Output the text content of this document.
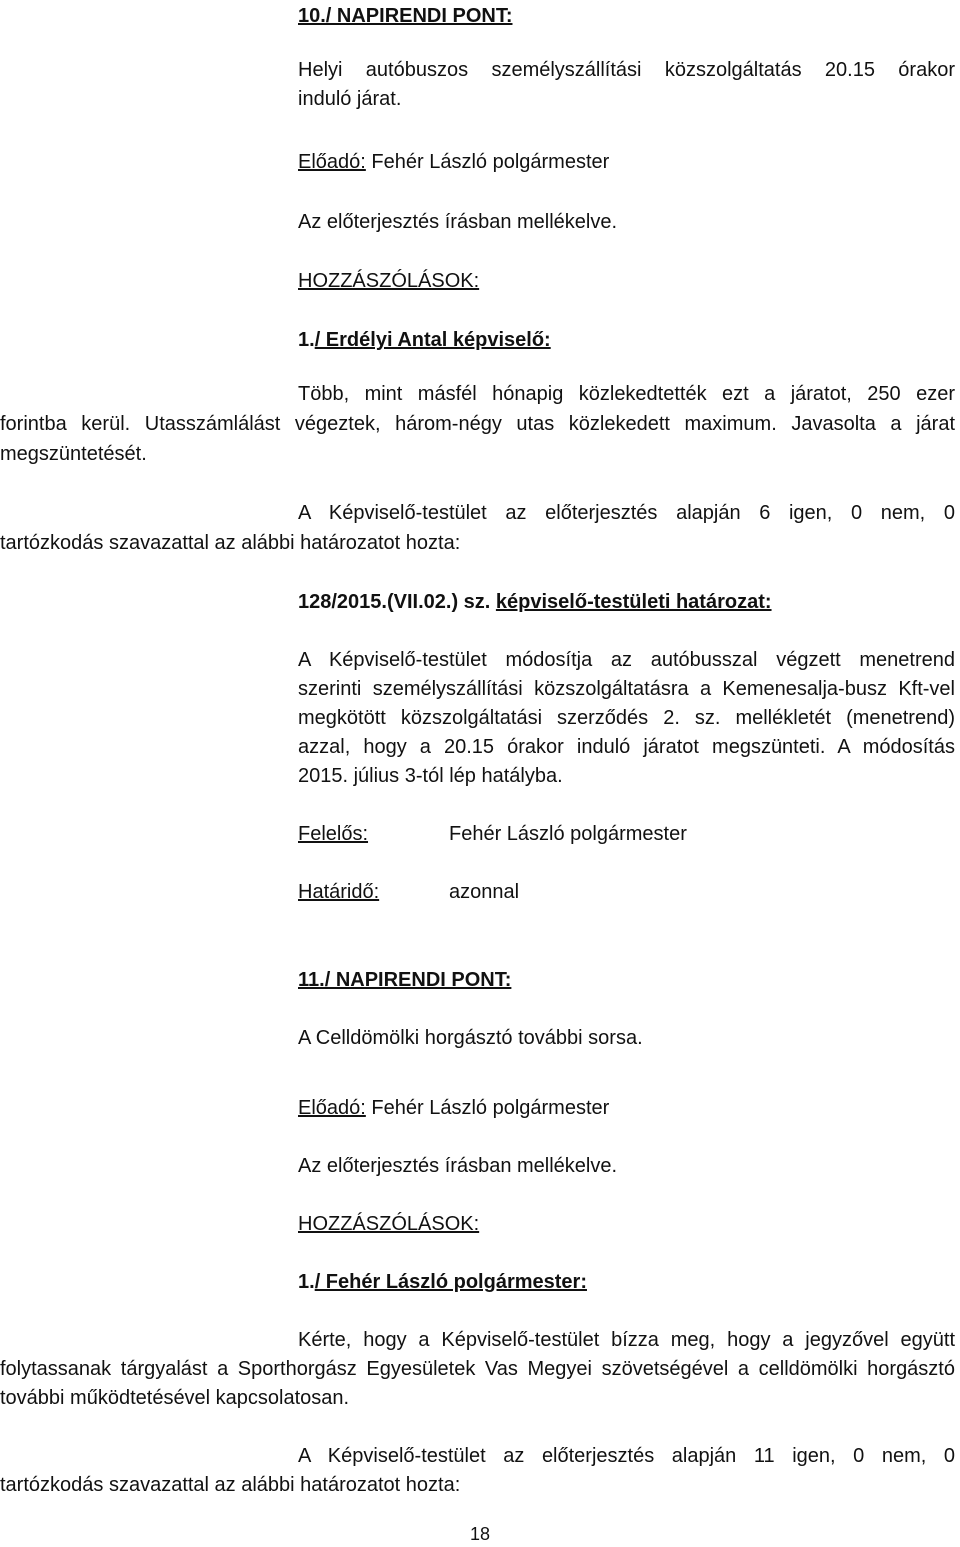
10./ NAPIRENDI PONT:
Helyi autóbuszos személyszállítási közszolgáltatás 20.15 órakor
induló járat.
Előadó: Fehér László polgármester
Az előterjesztés írásban mellékelve.
HOZZÁSZÓLÁSOK:
1./ Erdélyi Antal képviselő:
Több, mint másfél hónapig közlekedtették ezt a járatot, 250 ezer
forintba kerül. Utasszámlálást végeztek, három-négy utas közlekedett maximum. Javasolta a járat
megszüntetését.
A Képviselő-testület az előterjesztés alapján 6 igen, 0 nem, 0
tartózkodás szavazattal az alábbi határozatot hozta:
128/2015.(VII.02.) sz. képviselő-testületi határozat:
A Képviselő-testület módosítja az autóbusszal végzett menetrend
szerinti személyszállítási közszolgáltatásra a Kemenesalja-busz Kft-vel
megkötött közszolgáltatási szerződés 2. sz. mellékletét (menetrend)
azzal, hogy a 20.15 órakor induló járatot megszünteti. A módosítás
2015. július 3-tól lép hatályba.
Felelős:	Fehér László polgármester
Határidő:	azonnal
11./ NAPIRENDI PONT:
A Celldömölki horgásztó további sorsa.
Előadó: Fehér László polgármester
Az előterjesztés írásban mellékelve.
HOZZÁSZÓLÁSOK:
1./ Fehér László polgármester:
Kérte, hogy a Képviselő-testület bízza meg, hogy a jegyzővel együtt
folytassanak tárgyalást a Sporthorgász Egyesületek Vas Megyei szövetségével a celldömölki horgásztó
további működtetésével kapcsolatosan.
A Képviselő-testület az előterjesztés alapján 11 igen, 0 nem, 0
tartózkodás szavazattal az alábbi határozatot hozta:
18
